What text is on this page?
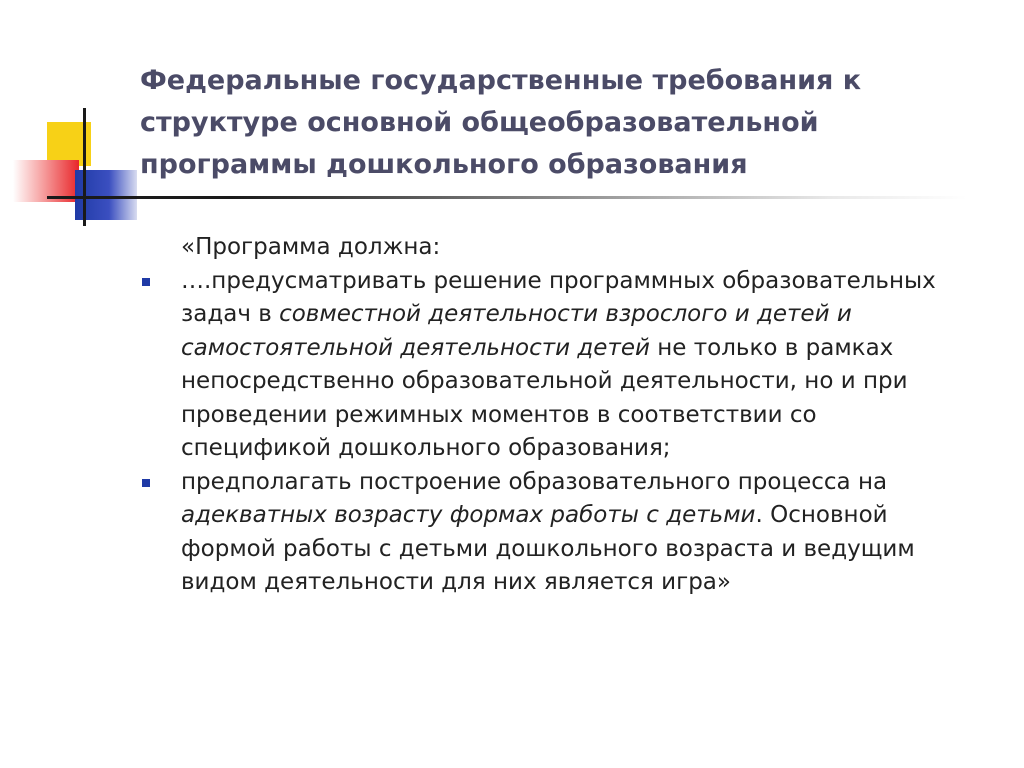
Федеральные государственные требования к
структуре основной общеобразовательной
программы дошкольного образования

«Программа должна:

….предусматривать решение программных образовательных
задач в совместной деятельности взрослого и детей и
самостоятельной деятельности детей не только в рамках
непосредственно образовательной деятельности, но и при
проведении режимных моментов в соответствии со
спецификой дошкольного образования;
предполагать построение образовательного процесса на
адекватных возрасту формах работы с детьми. Основной
формой работы с детьми дошкольного возраста и ведущим
видом деятельности для них является игра»
